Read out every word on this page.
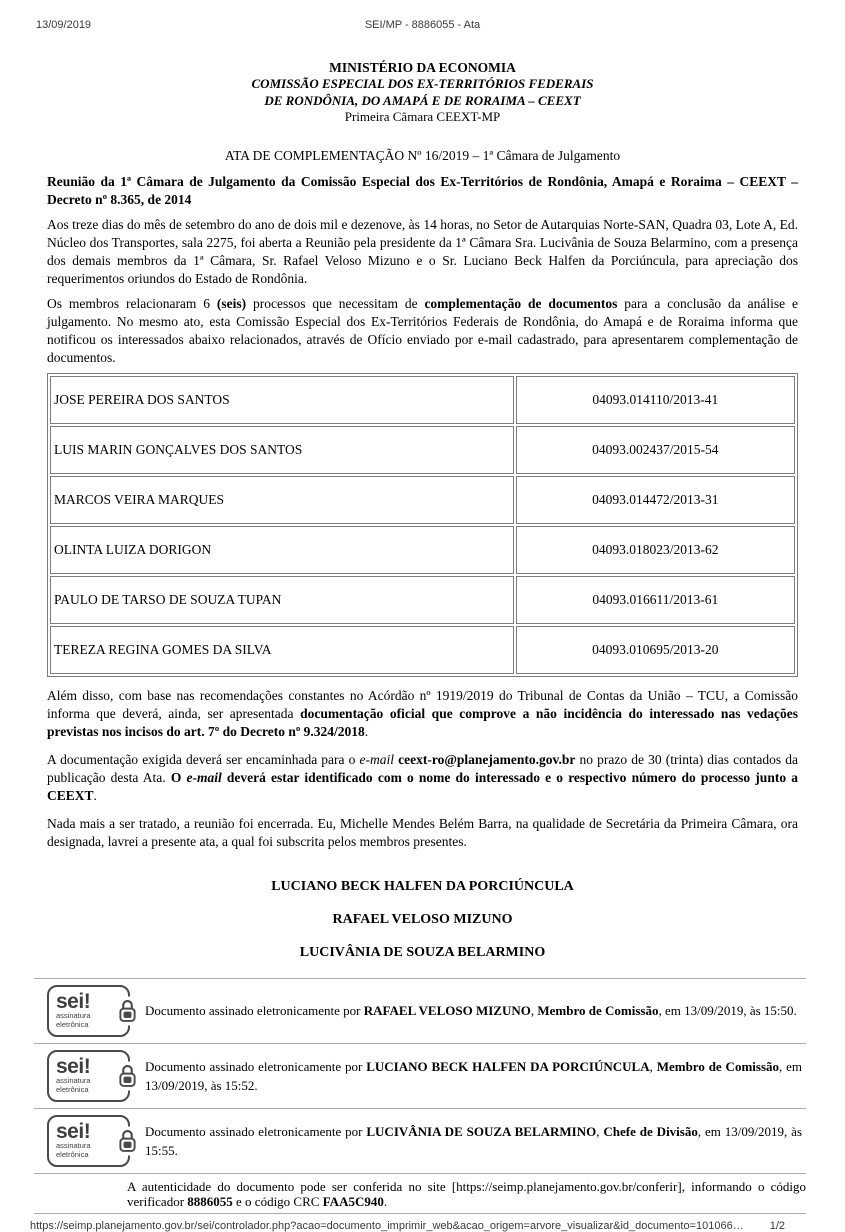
13/09/2019	SEI/MP - 8886055 - Ata
MINISTÉRIO DA ECONOMIA
COMISSÃO ESPECIAL DOS EX-TERRITÓRIOS FEDERAIS
DE RONDÔNIA, DO AMAPÁ E DE RORAIMA – CEEXT
Primeira Câmara CEEXT-MP
ATA DE COMPLEMENTAÇÃO Nº 16/2019 – 1ª Câmara de Julgamento

Reunião da 1ª Câmara de Julgamento da Comissão Especial dos Ex-Territórios de Rondônia, Amapá e Roraima – CEEXT – Decreto nº 8.365, de 2014

Aos treze dias do mês de setembro do ano de dois mil e dezenove, às 14 horas, no Setor de Autarquias Norte-SAN, Quadra 03, Lote A, Ed. Núcleo dos Transportes, sala 2275, foi aberta a Reunião pela presidente da 1ª Câmara Sra. Lucivânia de Souza Belarmino, com a presença dos demais membros da 1ª Câmara, Sr. Rafael Veloso Mizuno e o Sr. Luciano Beck Halfen da Porciúncula, para apreciação dos requerimentos oriundos do Estado de Rondônia.

Os membros relacionaram 6 (seis) processos que necessitam de complementação de documentos para a conclusão da análise e julgamento. No mesmo ato, esta Comissão Especial dos Ex-Territórios Federais de Rondônia, do Amapá e de Roraima informa que notificou os interessados abaixo relacionados, através de Ofício enviado por e-mail cadastrado, para apresentarem complementação de documentos.

JOSE PEREIRA DOS SANTOS	04093.014110/2013-41
LUIS MARIN GONÇALVES DOS SANTOS	04093.002437/2015-54
MARCOS VEIRA MARQUES	04093.014472/2013-31
OLINTA LUIZA DORIGON	04093.018023/2013-62
PAULO DE TARSO DE SOUZA TUPAN	04093.016611/2013-61
TEREZA REGINA GOMES DA SILVA	04093.010695/2013-20

Além disso, com base nas recomendações constantes no Acórdão nº 1919/2019 do Tribunal de Contas da União – TCU, a Comissão informa que deverá, ainda, ser apresentada documentação oficial que comprove a não incidência do interessado nas vedações previstas nos incisos do art. 7º do Decreto nº 9.324/2018.

A documentação exigida deverá ser encaminhada para o e-mail ceext-ro@planejamento.gov.br no prazo de 30 (trinta) dias contados da publicação desta Ata. O e-mail deverá estar identificado com o nome do interessado e o respectivo número do processo junto a CEEXT.

Nada mais a ser tratado, a reunião foi encerrada. Eu, Michelle Mendes Belém Barra, na qualidade de Secretária da Primeira Câmara, ora designada, lavrei a presente ata, a qual foi subscrita pelos membros presentes.

LUCIANO BECK HALFEN DA PORCIÚNCULA
RAFAEL VELOSO MIZUNO
LUCIVÂNIA DE SOUZA BELARMINO
sei!
assinatura
eletrônica

Documento assinado eletronicamente por RAFAEL VELOSO MIZUNO, Membro de Comissão, em 13/09/2019, às 15:50.

sei!
assinatura
eletrônica

Documento assinado eletronicamente por LUCIANO BECK HALFEN DA PORCIÚNCULA, Membro de Comissão, em 13/09/2019, às 15:52.

sei!
assinatura
eletrônica

Documento assinado eletronicamente por LUCIVÂNIA DE SOUZA BELARMINO, Chefe de Divisão, em 13/09/2019, às 15:55.

A autenticidade do documento pode ser conferida no site [https://seimp.planejamento.gov.br/conferir], informando o código verificador 8886055 e o código CRC FAA5C940.

https://seimp.planejamento.gov.br/sei/controlador.php?acao=documento_imprimir_web&acao_origem=arvore_visualizar&id_documento=101066… 1/2
